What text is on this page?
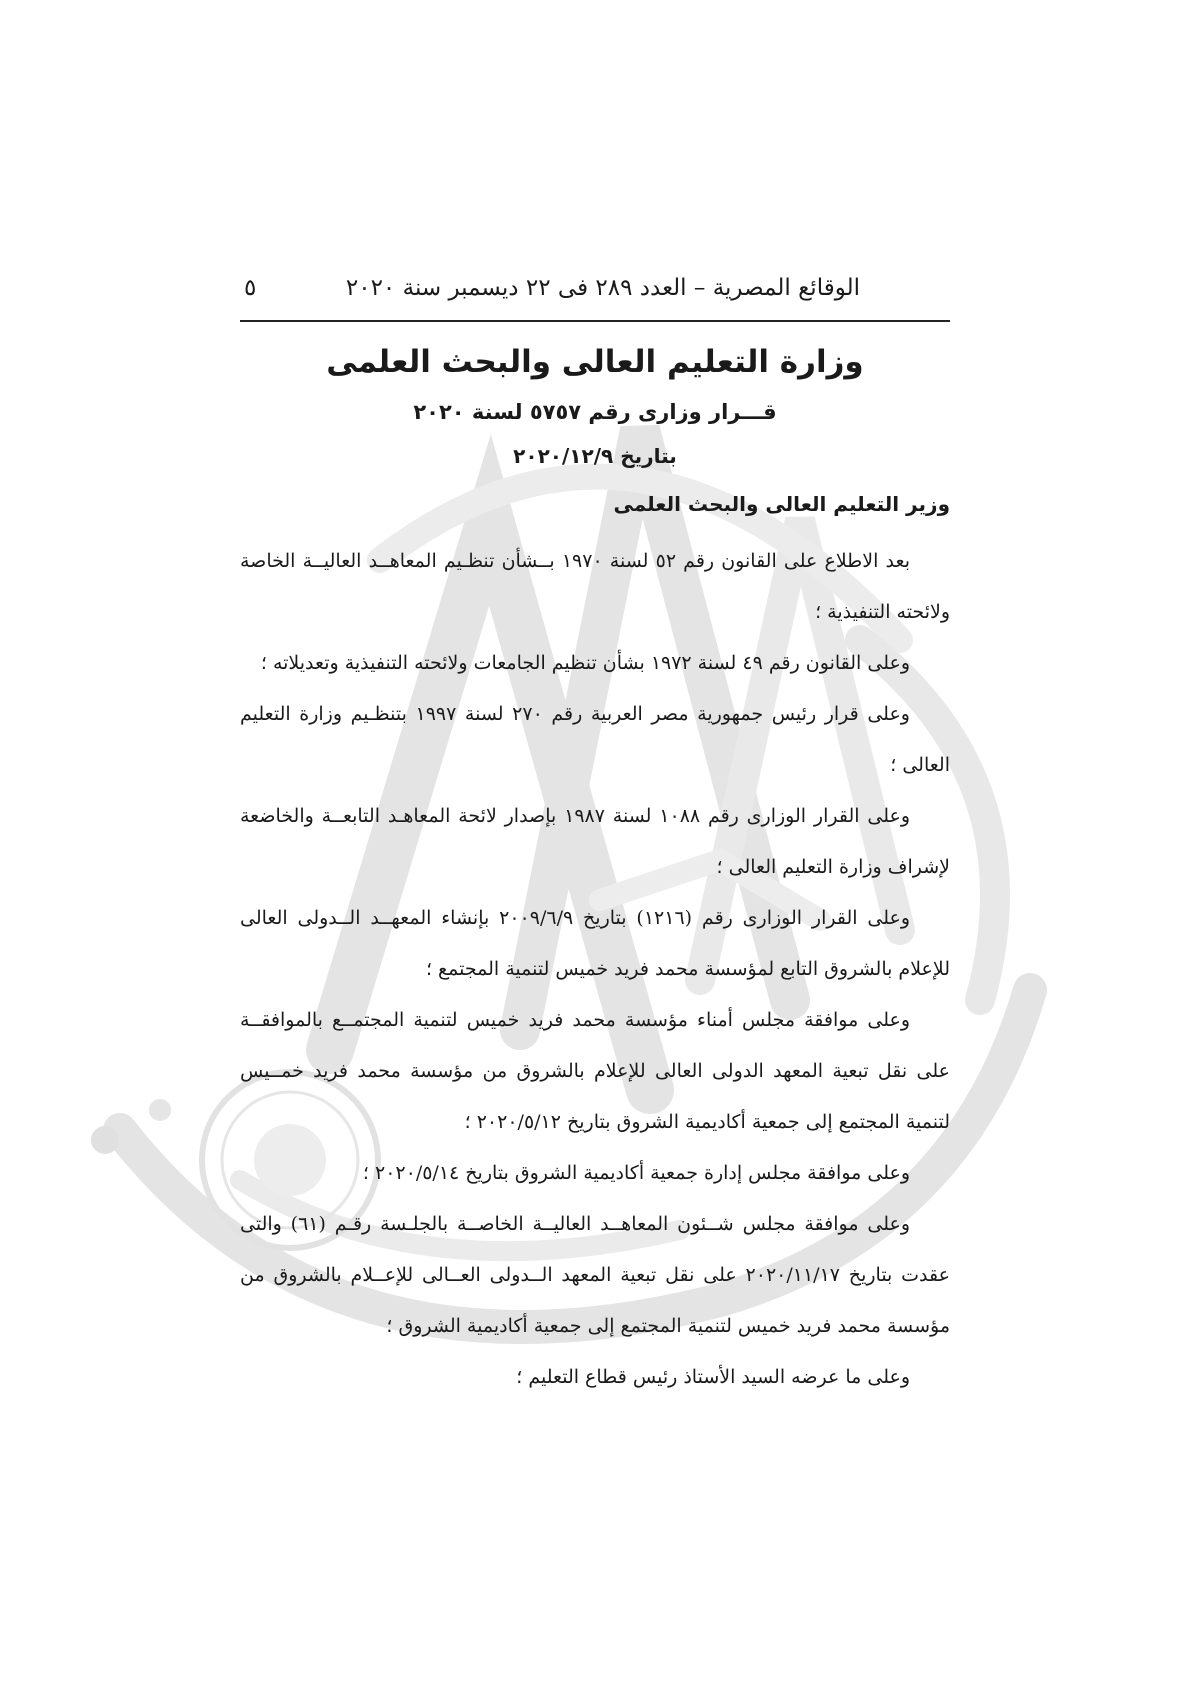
الوقائع المصرية – العدد ٢٨٩ فى ٢٢ ديسمبر سنة ٢٠٢٠
٥
وزارة التعليم العالى والبحث العلمى
قـــرار وزارى رقم ٥٧٥٧ لسنة ٢٠٢٠
بتاريخ ٢٠٢٠/١٢/٩
وزير التعليم العالى والبحث العلمى

بعد الاطلاع على القانون رقم ٥٢ لسنة ١٩٧٠ بــشأن تنظـيم المعاهــد العاليــة الخاصة ولائحته التنفيذية ؛

وعلى القانون رقم ٤٩ لسنة ١٩٧٢ بشأن تنظيم الجامعات ولائحته التنفيذية وتعديلاته ؛

وعلى قرار رئيس جمهورية مصر العربية رقم ٢٧٠ لسنة ١٩٩٧ بتنظـيم وزارة التعليم العالى ؛

وعلى القرار الوزارى رقم ١٠٨٨ لسنة ١٩٨٧ بإصدار لائحة المعاهـد التابعــة والخاضعة لإشراف وزارة التعليم العالى ؛

وعلى القرار الوزارى رقم (١٢١٦) بتاريخ ٢٠٠٩/٦/٩ بإنشاء المعهــد الــدولى العالى للإعلام بالشروق التابع لمؤسسة محمد فريد خميس لتنمية المجتمع ؛

وعلى موافقة مجلس أمناء مؤسسة محمد فريد خميس لتنمية المجتمــع بالموافقــة على نقل تبعية المعهد الدولى العالى للإعلام بالشروق من مؤسسة محمد فريد خمــيس لتنمية المجتمع إلى جمعية أكاديمية الشروق بتاريخ ٢٠٢٠/٥/١٢ ؛

وعلى موافقة مجلس إدارة جمعية أكاديمية الشروق بتاريخ ٢٠٢٠/٥/١٤ ؛

وعلى موافقة مجلس شــئون المعاهــد العاليــة الخاصــة بالجلـسة رقـم (٦١) والتى عقدت بتاريخ ٢٠٢٠/١١/١٧ على نقل تبعية المعهد الــدولى العــالى للإعــلام بالشروق من مؤسسة محمد فريد خميس لتنمية المجتمع إلى جمعية أكاديمية الشروق ؛

وعلى ما عرضه السيد الأستاذ رئيس قطاع التعليم ؛
